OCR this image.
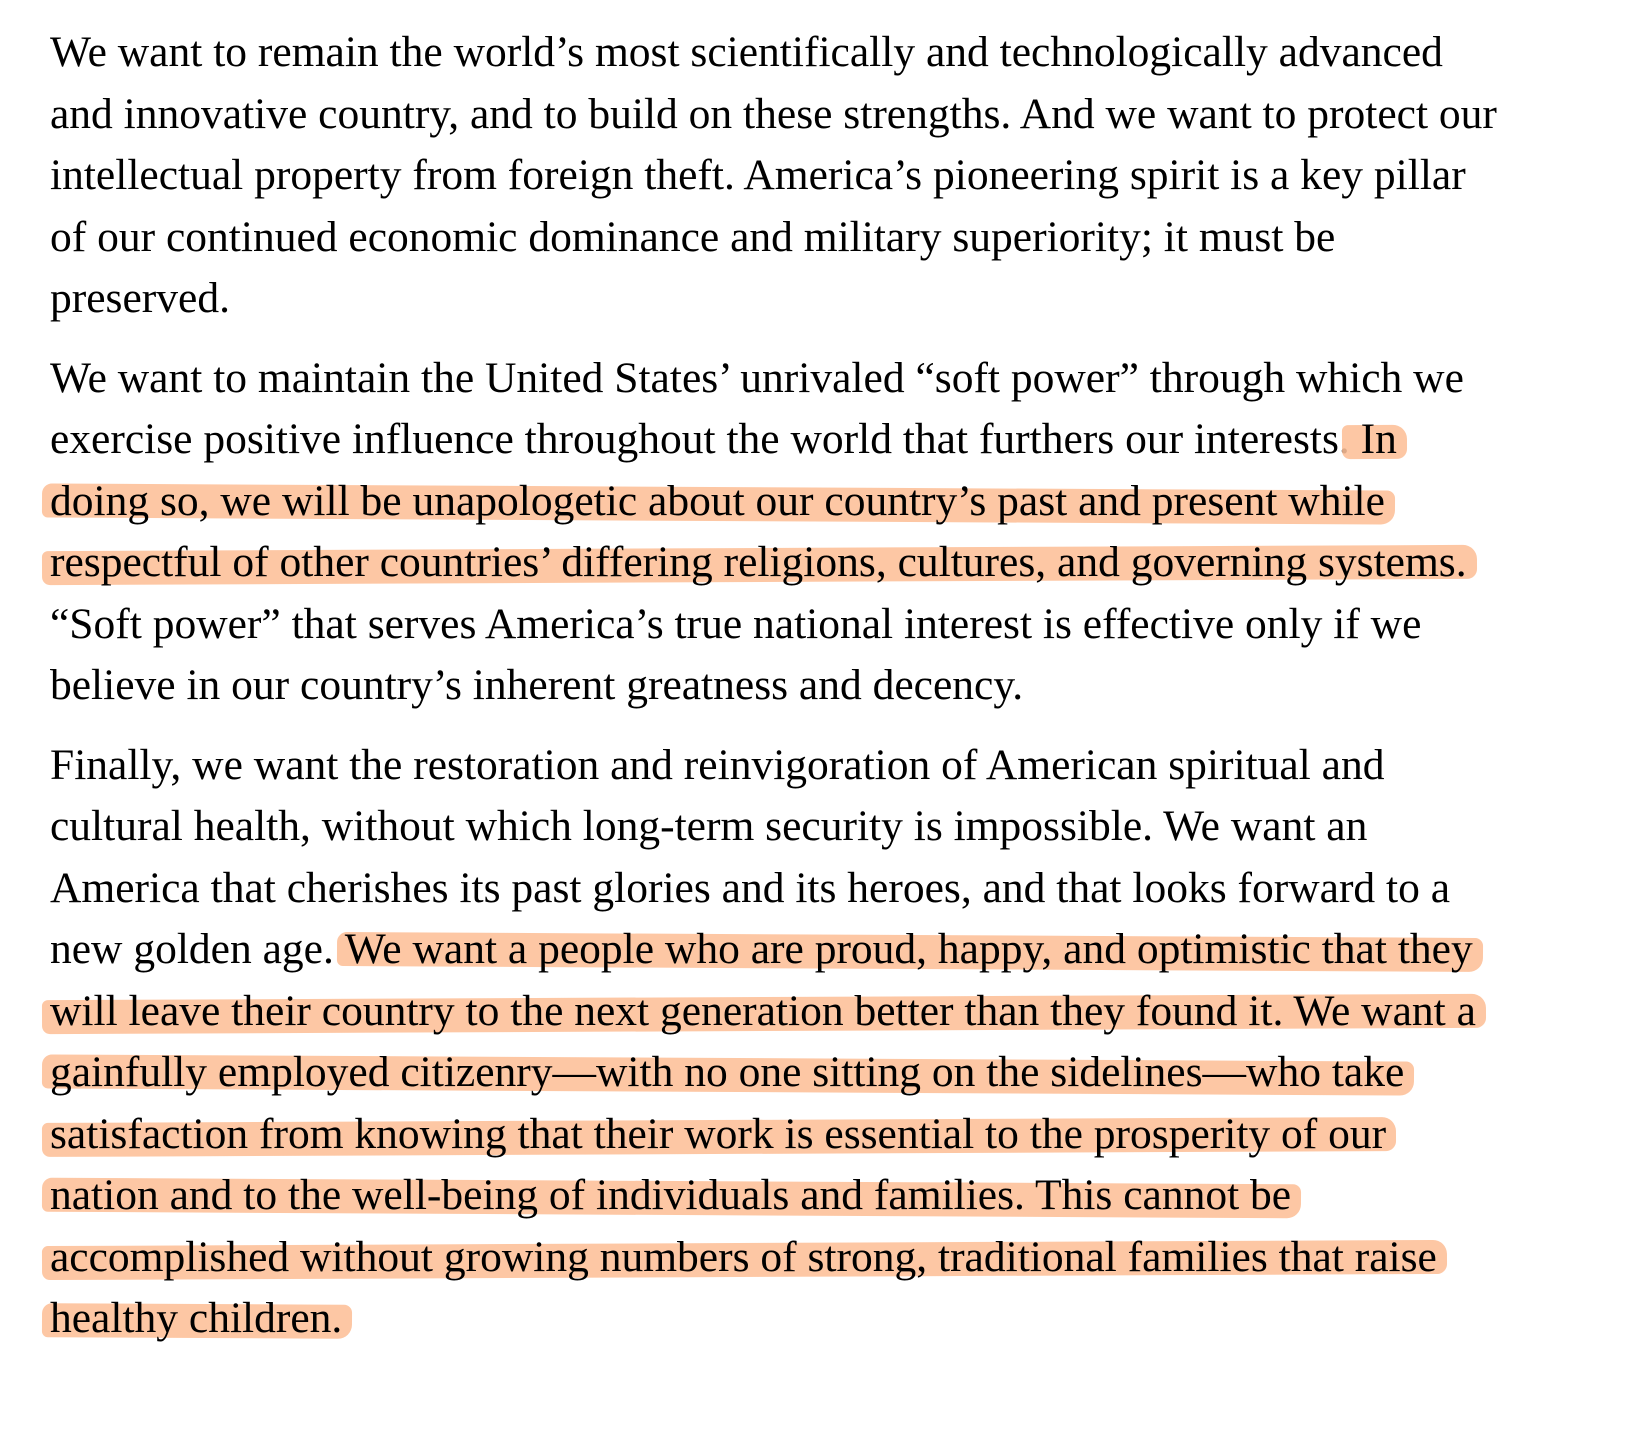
We want to remain the world’s most scientifically and technologically advanced
and innovative country, and to build on these strengths. And we want to protect our
intellectual property from foreign theft. America’s pioneering spirit is a key pillar
of our continued economic dominance and military superiority; it must be
preserved.

We want to maintain the United States’ unrivaled “soft power” through which we
exercise positive influence throughout the world that furthers our interests. In
doing so, we will be unapologetic about our country’s past and present while
respectful of other countries’ differing religions, cultures, and governing systems.
“Soft power” that serves America’s true national interest is effective only if we
believe in our country’s inherent greatness and decency.

Finally, we want the restoration and reinvigoration of American spiritual and
cultural health, without which long-term security is impossible. We want an
America that cherishes its past glories and its heroes, and that looks forward to a
new golden age. We want a people who are proud, happy, and optimistic that they
will leave their country to the next generation better than they found it. We want a
gainfully employed citizenry—with no one sitting on the sidelines—who take
satisfaction from knowing that their work is essential to the prosperity of our
nation and to the well-being of individuals and families. This cannot be
accomplished without growing numbers of strong, traditional families that raise
healthy children.
